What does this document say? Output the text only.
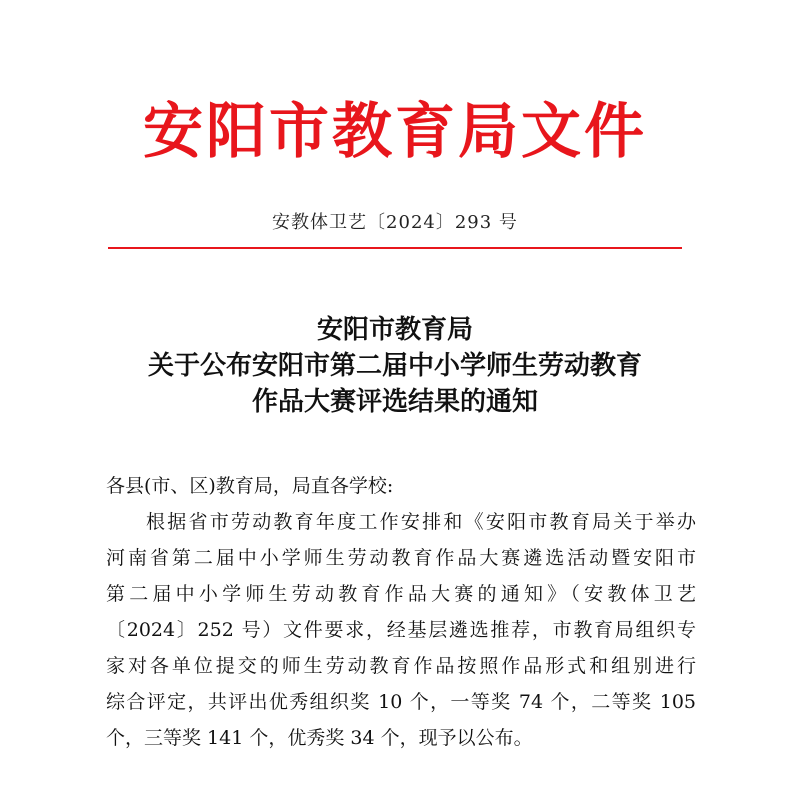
安阳市教育局文件
安教体卫艺〔2024〕293 号
安阳市教育局
关于公布安阳市第二届中小学师生劳动教育
作品大赛评选结果的通知
各县(市、区)教育局，局直各学校:
根据省市劳动教育年度工作安排和《安阳市教育局关于举办
河南省第二届中小学师生劳动教育作品大赛遴选活动暨安阳市
第二届中小学师生劳动教育作品大赛的通知》（安教体卫艺
〔2024〕252 号）文件要求，经基层遴选推荐，市教育局组织专
家对各单位提交的师生劳动教育作品按照作品形式和组别进行
综合评定，共评出优秀组织奖 10 个，一等奖 74 个，二等奖 105
个，三等奖 141 个，优秀奖 34 个，现予以公布。
